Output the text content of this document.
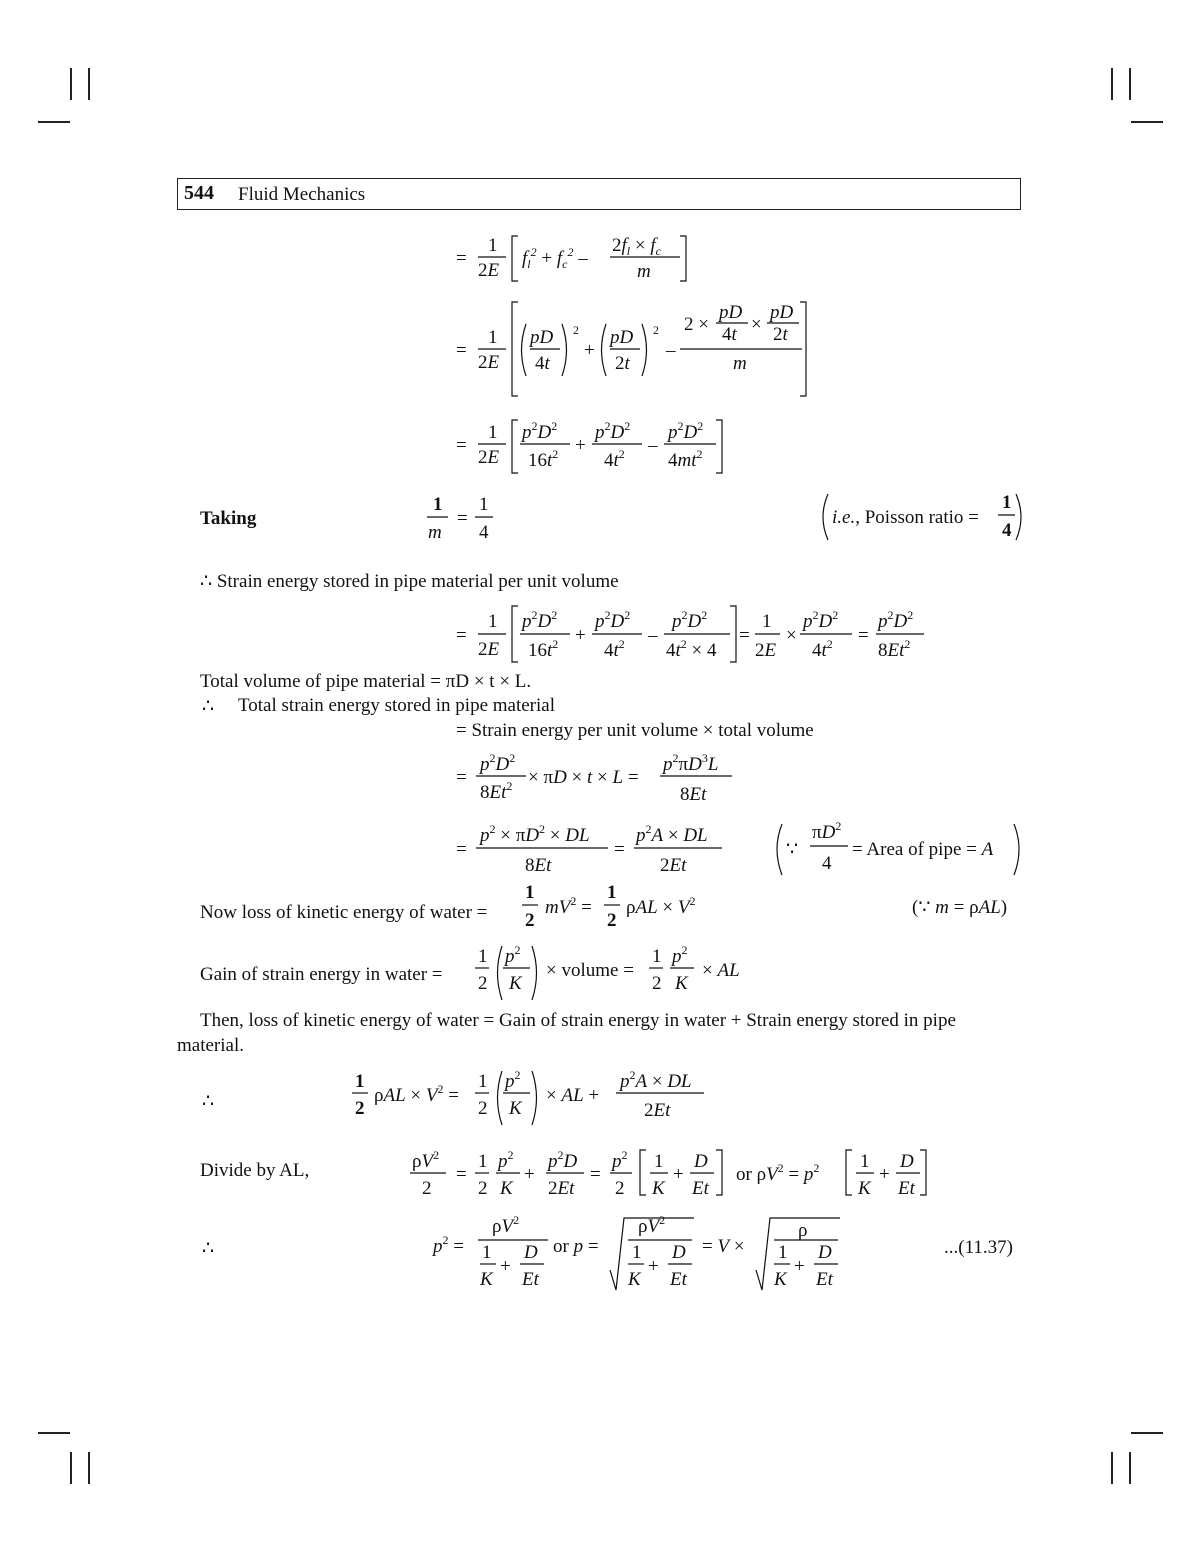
544 Fluid Mechanics
Taking
∴ Strain energy stored in pipe material per unit volume
Total volume of pipe material = πD × t × L.
∴ Total strain energy stored in pipe material
= Strain energy per unit volume × total volume
Now loss of kinetic energy of water =
Gain of strain energy in water =
Then, loss of kinetic energy of water = Gain of strain energy in water + Strain energy stored in pipe
material.
∴
Divide by AL,
∴	...(11.37)
=
1
2E
$f_l^2 + f_c^2$ –
$2f_l \times f_c$
m
=
1
2E
pD
4t
2
+
pD
2t
2
–
2 ×
pD
4t ×
pD
2t
m
=
1
2E
$p^2D^2$
$16t^2$ +
$p^2D^2$
$4t^2$ –
$p^2D^2$
$4mt^2$
1
m
=
1
4
i.e., Poisson ratio =
1
4
=
1
2E
$p^2D^2$
$16t^2$ +
$p^2D^2$
$4t^2$ –
$p^2D^2$
$4t^2 \times 4$
=
1
2E
×
$p^2D^2$
$4t^2$ =
$p^2D^2$
$8Et^2$
=
$p^2D^2$
$8Et^2 \times \pi D \times t \times L$ =
$p^2\pi D^3L$
8Et
=
$p^2 \times \pi D^2$ × DL
8Et
=
$p^2A$ × DL
2Et
∵
$\pi D^2$
4
= Area of pipe = A
1
2
$mV^2$ =
1
2
$\rho AL \times V^2$	(∵ m = ρAL)
1
2
$p^2$
K
× volume =
1
2
$p^2$
K
× AL
1
2
$\rho AL \times V^2$ =
1
2
$p^2$
K
× AL +
$p^2A$ × DL
2Et
$\rho V^2$
2
=
1
2
$p^2$
K
+
$p^2D$
2Et
=
$p^2$
2
1
K
+
D
Et
or $\rho V^2 = p^2$ 1
K
+
D
Et
$p^2$ =
$\rho V^2$
1
K
+
D
Et
or p =
$\rho V^2$
1
K
+
D
Et
= V ×
ρ
1
K
+
D
Et
